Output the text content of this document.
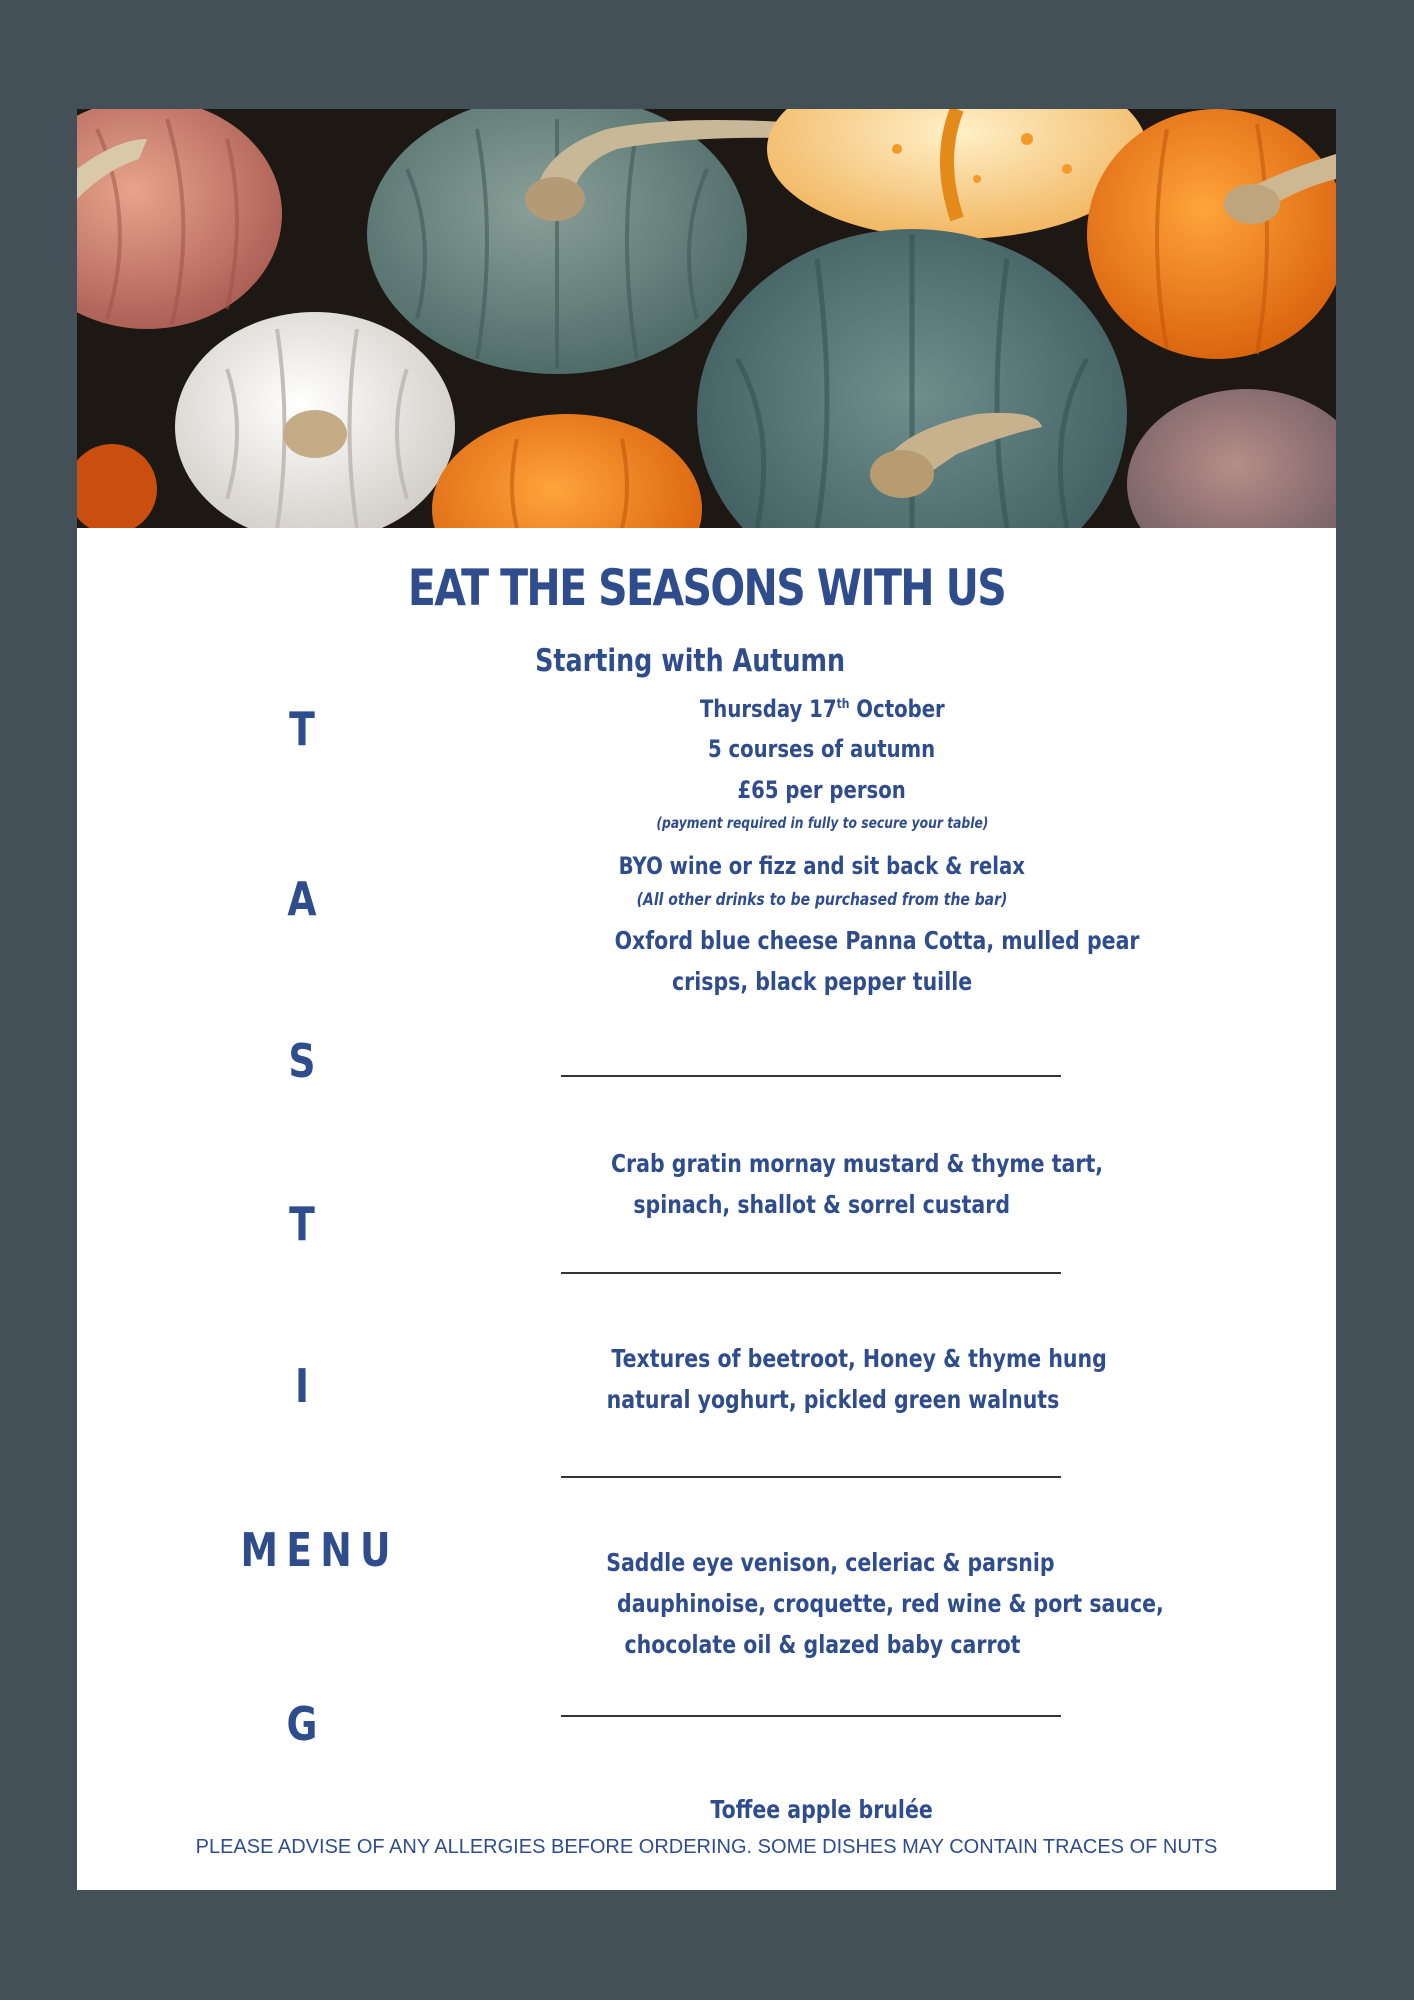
EAT THE SEASONS WITH US
Starting with Autumn
Thursday 17th October
5 courses of autumn
£65 per person
(payment required in fully to secure your table)
BYO wine or fizz and sit back & relax
(All other drinks to be purchased from the bar)
Oxford blue cheese Panna Cotta, mulled pear
crisps, black pepper tuille
Crab gratin mornay mustard & thyme tart,
spinach, shallot & sorrel custard
Textures of beetroot, Honey & thyme hung
natural yoghurt, pickled green walnuts
Saddle eye venison, celeriac & parsnip
dauphinoise, croquette, red wine & port sauce,
chocolate oil & glazed baby carrot
Toffee apple brulée
T
A
S
T
I
MENU
G
PLEASE ADVISE OF ANY ALLERGIES BEFORE ORDERING. SOME DISHES MAY CONTAIN TRACES OF NUTS
